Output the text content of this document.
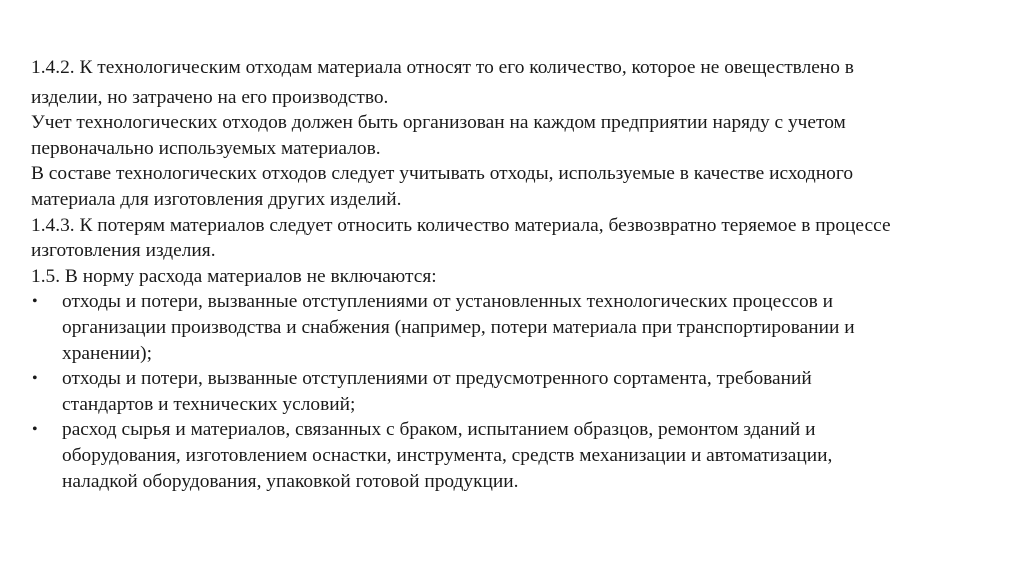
1.4.2. К технологическим отходам материала относят то его количество, которое не овеществлено в
изделии, но затрачено на его производство.
Учет технологических отходов должен быть организован на каждом предприятии наряду с учетом
первоначально используемых материалов.
В составе технологических отходов следует учитывать отходы, используемые в качестве исходного
материала для изготовления других изделий.
1.4.3. К потерям материалов следует относить количество материала, безвозвратно теряемое в процессе
изготовления изделия.
1.5. В норму расхода материалов не включаются:
•	отходы и потери, вызванные отступлениями от установленных технологических процессов и
организации производства и снабжения (например, потери материала при транспортировании и
хранении);
•	отходы и потери, вызванные отступлениями от предусмотренного сортамента, требований
стандартов и технических условий;
•	расход сырья и материалов, связанных с браком, испытанием образцов, ремонтом зданий и
оборудования, изготовлением оснастки, инструмента, средств механизации и автоматизации,
наладкой оборудования, упаковкой готовой продукции.
